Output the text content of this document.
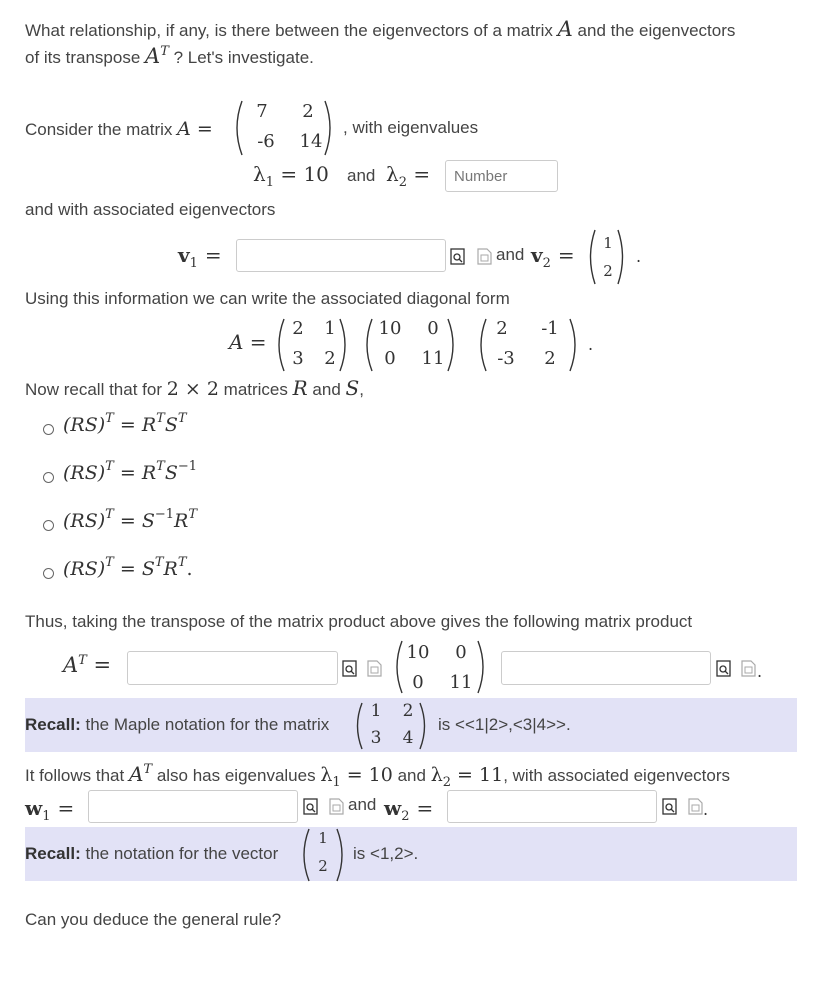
What relationship, if any, is there between the eigenvectors of a matrix A and the eigenvectors
of its transpose $A^T$ ? Let's investigate.
Consider the matrix A =
7	2
-6	14
, with eigenvalues
$\lambda_1 = 10$ and $\lambda_2$ =
Number
and with associated eigenvectors
$v_1$ =	and $v_2$ =	1
2
.
Using this information we can write the associated diagonal form
A =
2 1
3 2
10	0
0	11
2	-1
-3	2
.
Now recall that for 2 × 2 matrices R and S,
$(RS)^T = R^TS^T$
$(RS)^T = R^TS^{-1}$
$(RS)^T = S^{-1}R^T$
$(RS)^T = S^TR^T$.
Thus, taking the transpose of the matrix product above gives the following matrix product
$A^T$ =
10	0
0	11
.
Recall: the Maple notation for the matrix
1 2
3 4
is <<1|2>,<3|4>>.
It follows that $A^T$ also has eigenvalues $\lambda_1 = 10$ and $\lambda_2 = 11$, with associated eigenvectors
$w_1$ =	and $w_2$ =	.
Recall: the notation for the vector
1
2
is <1,2>.
Can you deduce the general rule?
